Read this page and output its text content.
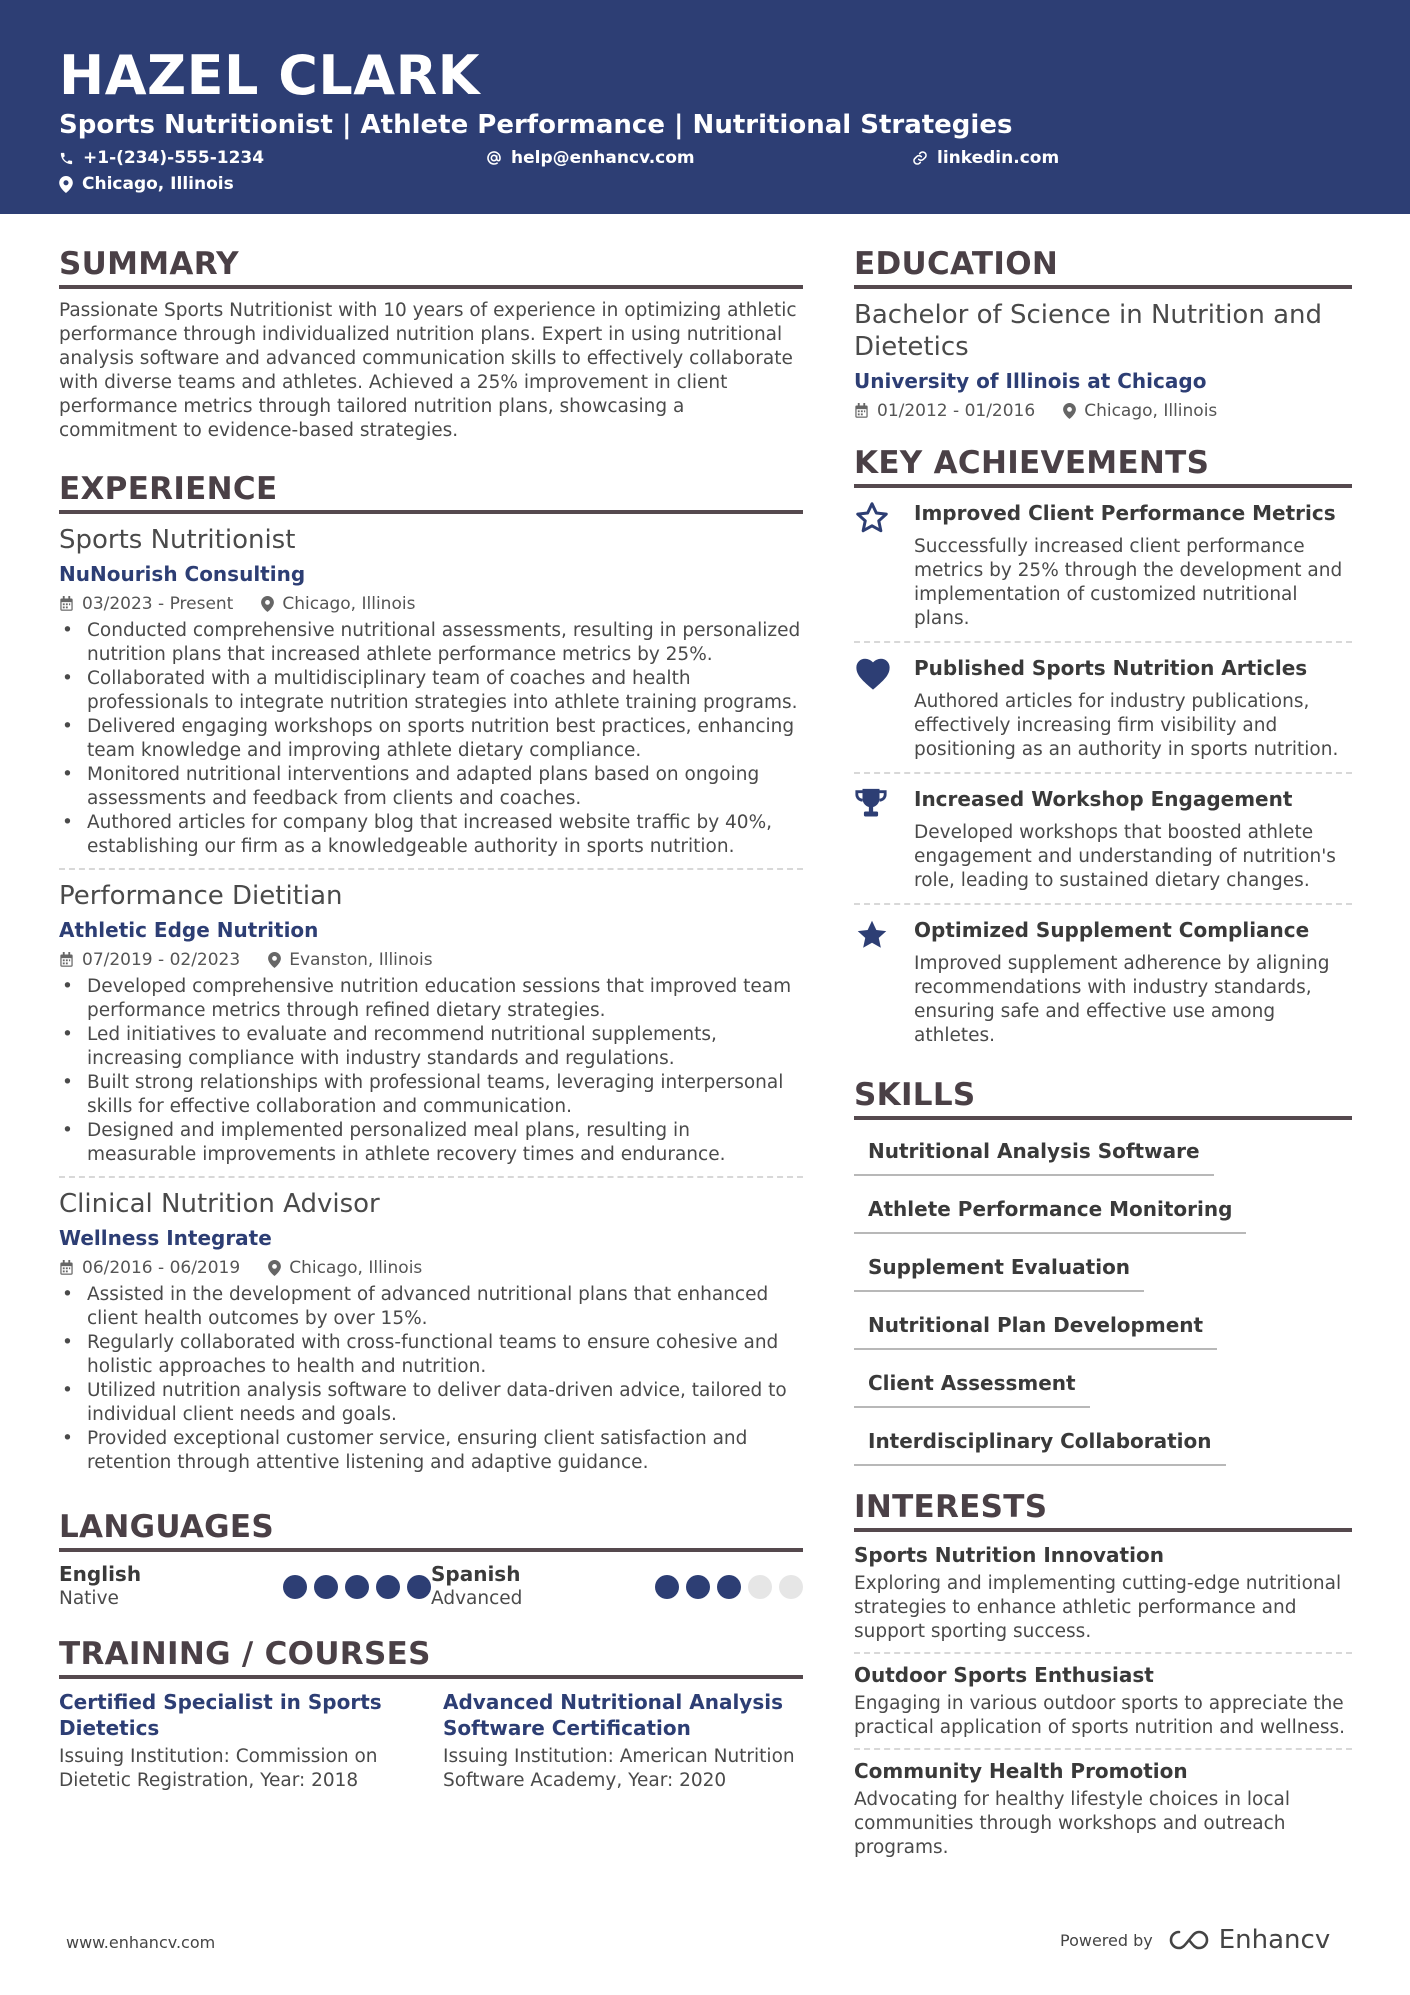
HAZEL CLARK
Sports Nutritionist | Athlete Performance | Nutritional Strategies
+1-(234)-555-1234	help@enhancv.com	linkedin.com
Chicago, Illinois
SUMMARY
Passionate Sports Nutritionist with 10 years of experience in optimizing athletic performance through individualized nutrition plans. Expert in using nutritional analysis software and advanced communication skills to effectively collaborate with diverse teams and athletes. Achieved a 25% improvement in client performance metrics through tailored nutrition plans, showcasing a commitment to evidence-based strategies.
EXPERIENCE
Sports Nutritionist
NuNourish Consulting
03/2023 - Present	Chicago, Illinois
• Conducted comprehensive nutritional assessments, resulting in personalized nutrition plans that increased athlete performance metrics by 25%.
• Collaborated with a multidisciplinary team of coaches and health professionals to integrate nutrition strategies into athlete training programs.
• Delivered engaging workshops on sports nutrition best practices, enhancing team knowledge and improving athlete dietary compliance.
• Monitored nutritional interventions and adapted plans based on ongoing assessments and feedback from clients and coaches.
• Authored articles for company blog that increased website traffic by 40%, establishing our firm as a knowledgeable authority in sports nutrition.
Performance Dietitian
Athletic Edge Nutrition
07/2019 - 02/2023	Evanston, Illinois
• Developed comprehensive nutrition education sessions that improved team performance metrics through refined dietary strategies.
• Led initiatives to evaluate and recommend nutritional supplements, increasing compliance with industry standards and regulations.
• Built strong relationships with professional teams, leveraging interpersonal skills for effective collaboration and communication.
• Designed and implemented personalized meal plans, resulting in measurable improvements in athlete recovery times and endurance.
Clinical Nutrition Advisor
Wellness Integrate
06/2016 - 06/2019	Chicago, Illinois
• Assisted in the development of advanced nutritional plans that enhanced client health outcomes by over 15%.
• Regularly collaborated with cross-functional teams to ensure cohesive and holistic approaches to health and nutrition.
• Utilized nutrition analysis software to deliver data-driven advice, tailored to individual client needs and goals.
• Provided exceptional customer service, ensuring client satisfaction and retention through attentive listening and adaptive guidance.
LANGUAGES
English
Native
Spanish
Advanced
TRAINING / COURSES
Certified Specialist in Sports Dietetics
Issuing Institution: Commission on Dietetic Registration, Year: 2018
Advanced Nutritional Analysis Software Certification
Issuing Institution: American Nutrition Software Academy, Year: 2020
EDUCATION
Bachelor of Science in Nutrition and Dietetics
University of Illinois at Chicago
01/2012 - 01/2016	Chicago, Illinois
KEY ACHIEVEMENTS
Improved Client Performance Metrics
Successfully increased client performance metrics by 25% through the development and implementation of customized nutritional plans.
Published Sports Nutrition Articles
Authored articles for industry publications, effectively increasing firm visibility and positioning as an authority in sports nutrition.
Increased Workshop Engagement
Developed workshops that boosted athlete engagement and understanding of nutrition's role, leading to sustained dietary changes.
Optimized Supplement Compliance
Improved supplement adherence by aligning recommendations with industry standards, ensuring safe and effective use among athletes.
SKILLS
Nutritional Analysis Software
Athlete Performance Monitoring
Supplement Evaluation
Nutritional Plan Development
Client Assessment
Interdisciplinary Collaboration
INTERESTS
Sports Nutrition Innovation
Exploring and implementing cutting-edge nutritional strategies to enhance athletic performance and support sporting success.
Outdoor Sports Enthusiast
Engaging in various outdoor sports to appreciate the practical application of sports nutrition and wellness.
Community Health Promotion
Advocating for healthy lifestyle choices in local communities through workshops and outreach programs.
www.enhancv.com	Powered by	Enhancv
